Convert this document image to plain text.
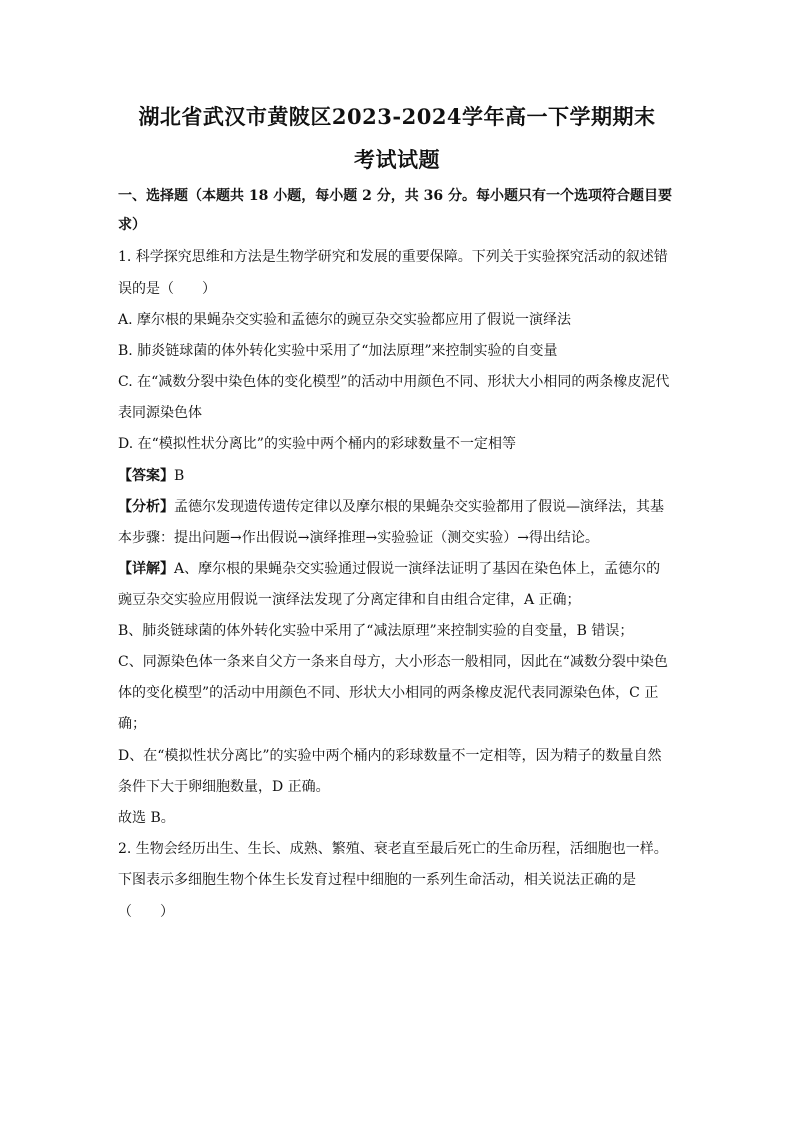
湖北省武汉市黄陂区2023-2024学年高一下学期期末
考试试题
一、选择题（本题共 18 小题，每小题 2 分，共 36 分。每小题只有一个选项符合题目要
求）
1. 科学探究思维和方法是生物学研究和发展的重要保障。下列关于实验探究活动的叙述错
误的是（　　）
A. 摩尔根的果蝇杂交实验和孟德尔的豌豆杂交实验都应用了假说一演绎法
B. 肺炎链球菌的体外转化实验中采用了“加法原理”来控制实验的自变量
C. 在“减数分裂中染色体的变化模型”的活动中用颜色不同、形状大小相同的两条橡皮泥代
表同源染色体
D. 在“模拟性状分离比”的实验中两个桶内的彩球数量不一定相等
【答案】B
【分析】孟德尔发现遗传遗传定律以及摩尔根的果蝇杂交实验都用了假说—演绎法，其基
本步骤：提出问题→作出假说→演绎推理→实验验证（测交实验）→得出结论。
【详解】A、摩尔根的果蝇杂交实验通过假说一演绎法证明了基因在染色体上，孟德尔的
豌豆杂交实验应用假说一演绎法发现了分离定律和自由组合定律，A 正确；
B、肺炎链球菌的体外转化实验中采用了“减法原理”来控制实验的自变量，B 错误；
C、同源染色体一条来自父方一条来自母方，大小形态一般相同，因此在“减数分裂中染色
体的变化模型”的活动中用颜色不同、形状大小相同的两条橡皮泥代表同源染色体，C 正
确；
D、在“模拟性状分离比”的实验中两个桶内的彩球数量不一定相等，因为精子的数量自然
条件下大于卵细胞数量，D 正确。
故选 B。
2. 生物会经历出生、生长、成熟、繁殖、衰老直至最后死亡的生命历程，活细胞也一样。
下图表示多细胞生物个体生长发育过程中细胞的一系列生命活动，相关说法正确的是
（　　）
